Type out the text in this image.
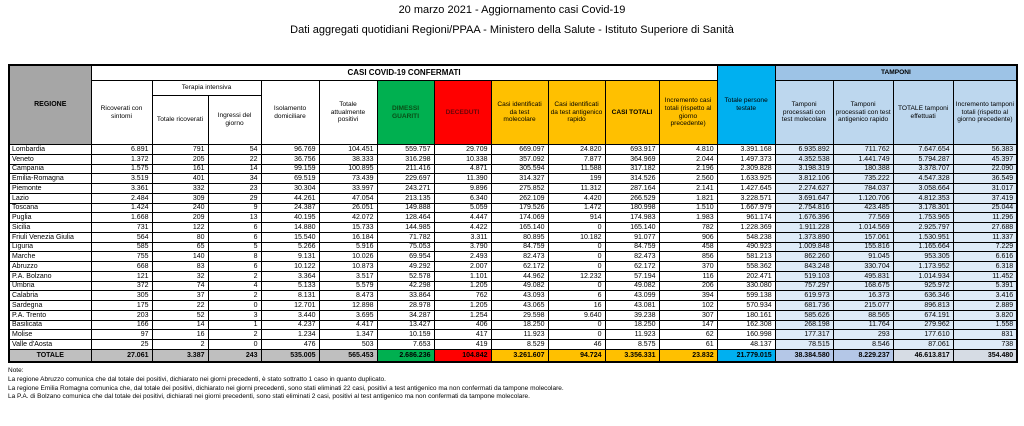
20 marzo 2021 - Aggiornamento casi Covid-19
Dati aggregati quotidiani Regioni/PPAA - Ministero della Salute - Istituto Superiore di Sanità
REGIONE	CASI COVID-19 CONFERMATI											Totale persone testate	TAMPONI			
	Ricoverati con sintomi	Terapia intensiva		Isolamento domiciliare	Totale attualmente positivi	DIMESSI GUARITI	DECEDUTI	Casi identificati da test molecolare	Casi identificati da test antigenico rapido	CASI TOTALI	Incremento casi totali (rispetto al giorno precedente)		Tamponi processati con test molecolare	Tamponi processati con test antigenico rapido	TOTALE tamponi effettuati	Incremento tamponi totali (rispetto al giorno precedente)
		Totale ricoverati	Ingressi del giorno													
Lombardia	6.891	791	54	96.769	104.451	559.757	29.709	669.097	24.820	693.917	4.810	3.391.168	6.935.892	711.762	7.647.654	56.383
Veneto	1.372	205	22	36.756	38.333	316.298	10.338	357.092	7.877	364.969	2.044	1.497.373	4.352.538	1.441.749	5.794.287	45.397
Campania	1.575	161	14	99.159	100.895	211.416	4.871	305.594	11.588	317.182	2.196	2.309.828	3.198.319	180.388	3.378.707	22.090
Emilia-Romagna	3.519	401	34	69.519	73.439	229.697	11.390	314.327	199	314.526	2.560	1.633.925	3.812.106	735.222	4.547.328	36.549
Piemonte	3.361	332	23	30.304	33.997	243.271	9.896	275.852	11.312	287.164	2.141	1.427.645	2.274.627	784.037	3.058.664	31.017
Lazio	2.484	309	29	44.261	47.054	213.135	6.340	262.109	4.420	266.529	1.821	3.228.571	3.691.647	1.120.706	4.812.353	37.419
Toscana	1.424	240	9	24.387	26.051	149.888	5.059	179.526	1.472	180.998	1.510	1.667.979	2.754.816	423.485	3.178.301	25.044
Puglia	1.668	209	13	40.195	42.072	128.464	4.447	174.069	914	174.983	1.983	961.174	1.676.396	77.569	1.753.965	11.296
Sicilia	731	122	6	14.880	15.733	144.985	4.422	165.140	0	165.140	782	1.228.369	1.911.228	1.014.569	2.925.797	27.688
Friuli Venezia Giulia	564	80	6	15.540	16.184	71.782	3.311	80.895	10.182	91.077	906	548.238	1.373.890	157.061	1.530.951	11.337
Liguria	585	65	5	5.266	5.916	75.053	3.790	84.759	0	84.759	458	490.923	1.009.848	155.816	1.165.664	7.229
Marche	755	140	8	9.131	10.026	69.954	2.493	82.473	0	82.473	856	581.213	862.260	91.045	953.305	6.616
Abruzzo	668	83	6	10.122	10.873	49.292	2.007	62.172	0	62.172	370	558.362	843.248	330.704	1.173.952	6.318
P.A. Bolzano	121	32	2	3.364	3.517	52.578	1.101	44.962	12.232	57.194	116	202.471	519.103	495.831	1.014.934	11.452
Umbria	372	74	4	5.133	5.579	42.298	1.205	49.082	0	49.082	206	330.080	757.297	168.675	925.972	5.391
Calabria	305	37	2	8.131	8.473	33.864	762	43.093	6	43.099	394	599.138	619.973	16.373	636.346	3.416
Sardegna	175	22	0	12.701	12.898	28.978	1.205	43.065	16	43.081	102	570.934	681.736	215.077	896.813	2.889
P.A. Trento	203	52	3	3.440	3.695	34.287	1.254	29.598	9.640	39.238	307	180.161	585.626	88.565	674.191	3.820
Basilicata	166	14	1	4.237	4.417	13.427	406	18.250	0	18.250	147	162.308	268.198	11.764	279.962	1.558
Molise	97	16	2	1.234	1.347	10.159	417	11.923	0	11.923	62	160.998	177.317	293	177.610	831
Valle d'Aosta	25	2	0	476	503	7.653	419	8.529	46	8.575	61	48.137	78.515	8.546	87.061	738
TOTALE	27.061	3.387	243	535.005	565.453	2.686.236	104.842	3.261.607	94.724	3.356.331	23.832	21.779.015	38.384.580	8.229.237	46.613.817	354.480
Note:
La regione Abruzzo comunica che dal totale dei positivi, dichiarato nei giorni precedenti, è stato sottratto 1 caso in quanto duplicato.
La regione Emilia Romagna comunica che, dal totale dei positivi, dichiarato nei giorni precedenti, sono stati eliminati 22 casi, positivi a test antigenico ma non confermati da tampone molecolare.
La P.A. di Bolzano comunica che dal totale dei positivi, dichiarati nei giorni precedenti, sono stati eliminati 2 casi, positivi al test antigenico ma non confermati da tampone molecolare.
